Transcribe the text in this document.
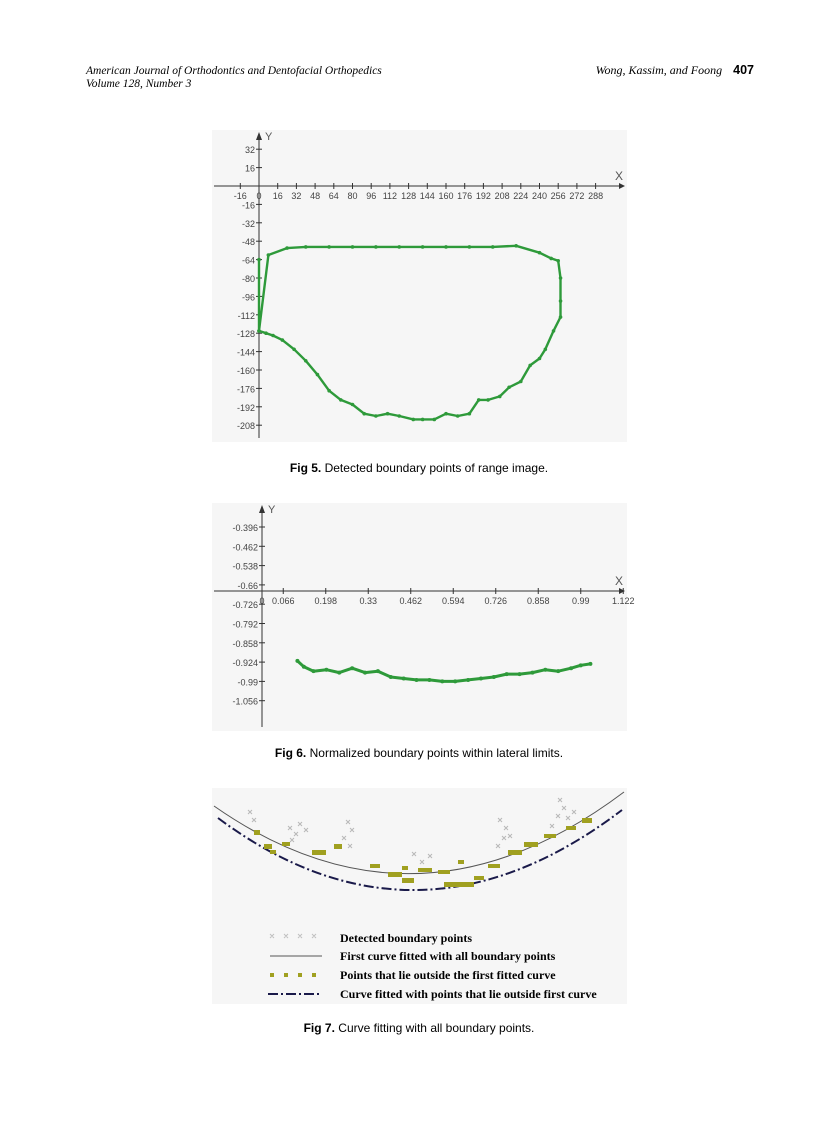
American Journal of Orthodontics and Dentofacial Orthopedics
Volume 128, Number 3
Wong, Kassim, and Foong 407
X
Y
-16 0 16 32 48 64 80 96 112 128 144 160 176 192 208 224 240 256 272 288
32
16
-16
-32
-48
-64
-80
-96
-112
-128
-144
-160
-176
-192
-208
Fig 5. Detected boundary points of range image.
X
Y
0 0.066 0.198 0.33 0.462 0.594 0.726 0.858 0.99 1.122
-0.396
-0.462
-0.538
-0.66
-0.726
-0.792
-0.858
-0.924
-0.99
-1.056
Fig 6. Normalized boundary points within lateral limits.
Detected boundary points
First curve fitted with all boundary points
Points that lie outside the first fitted curve
Curve fitted with points that lie outside first curve
Fig 7. Curve fitting with all boundary points.
